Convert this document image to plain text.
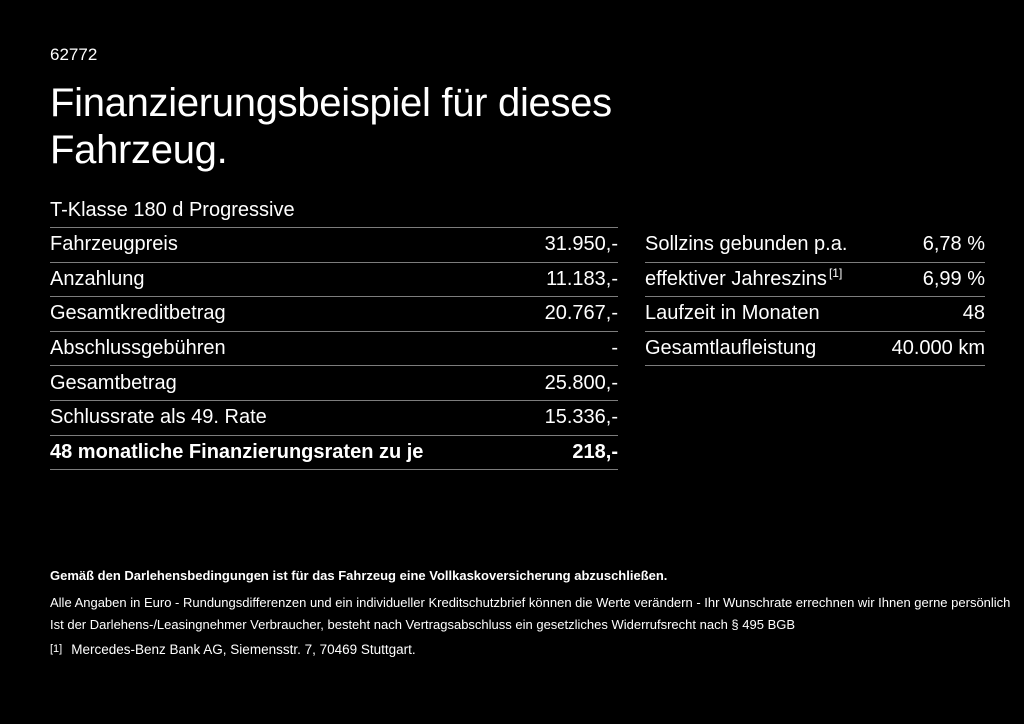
62772
Finanzierungsbeispiel für dieses Fahrzeug.
T-Klasse 180 d Progressive
Fahrzeugpreis	31.950,-
Anzahlung	11.183,-
Gesamtkreditbetrag	20.767,-
Abschlussgebühren	-
Gesamtbetrag	25.800,-
Schlussrate als 49. Rate	15.336,-
48 monatliche Finanzierungsraten zu je	218,-
Sollzins gebunden p.a.	6,78 %
effektiver Jahreszins [1]	6,99 %
Laufzeit in Monaten	48
Gesamtlaufleistung	40.000 km

Gemäß den Darlehensbedingungen ist für das Fahrzeug eine Vollkaskoversicherung abzuschließen.

Alle Angaben in Euro - Rundungsdifferenzen und ein individueller Kreditschutzbrief können die Werte verändern - Ihr Wunschrate errechnen wir Ihnen gerne persönlich

Ist der Darlehens-/Leasingnehmer Verbraucher, besteht nach Vertragsabschluss ein gesetzliches Widerrufsrecht nach § 495 BGB

[1] Mercedes-Benz Bank AG, Siemensstr. 7, 70469 Stuttgart.
